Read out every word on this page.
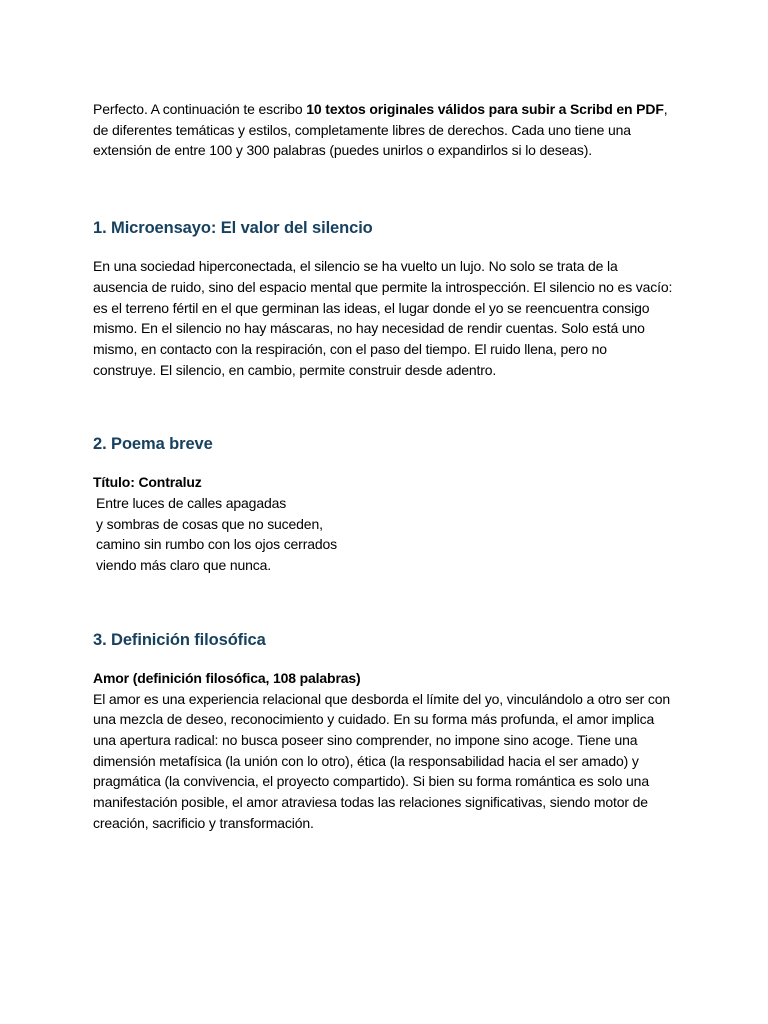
Perfecto. A continuación te escribo 10 textos originales válidos para subir a Scribd en PDF, de diferentes temáticas y estilos, completamente libres de derechos. Cada uno tiene una extensión de entre 100 y 300 palabras (puedes unirlos o expandirlos si lo deseas).

1. Microensayo: El valor del silencio

En una sociedad hiperconectada, el silencio se ha vuelto un lujo. No solo se trata de la ausencia de ruido, sino del espacio mental que permite la introspección. El silencio no es vacío: es el terreno fértil en el que germinan las ideas, el lugar donde el yo se reencuentra consigo mismo. En el silencio no hay máscaras, no hay necesidad de rendir cuentas. Solo está uno mismo, en contacto con la respiración, con el paso del tiempo. El ruido llena, pero no construye. El silencio, en cambio, permite construir desde adentro.

2. Poema breve

Título: Contraluz

Entre luces de calles apagadas

y sombras de cosas que no suceden,

camino sin rumbo con los ojos cerrados

viendo más claro que nunca.

3. Definición filosófica

Amor (definición filosófica, 108 palabras)

El amor es una experiencia relacional que desborda el límite del yo, vinculándolo a otro ser con una mezcla de deseo, reconocimiento y cuidado. En su forma más profunda, el amor implica una apertura radical: no busca poseer sino comprender, no impone sino acoge. Tiene una dimensión metafísica (la unión con lo otro), ética (la responsabilidad hacia el ser amado) y pragmática (la convivencia, el proyecto compartido). Si bien su forma romántica es solo una manifestación posible, el amor atraviesa todas las relaciones significativas, siendo motor de creación, sacrificio y transformación.
